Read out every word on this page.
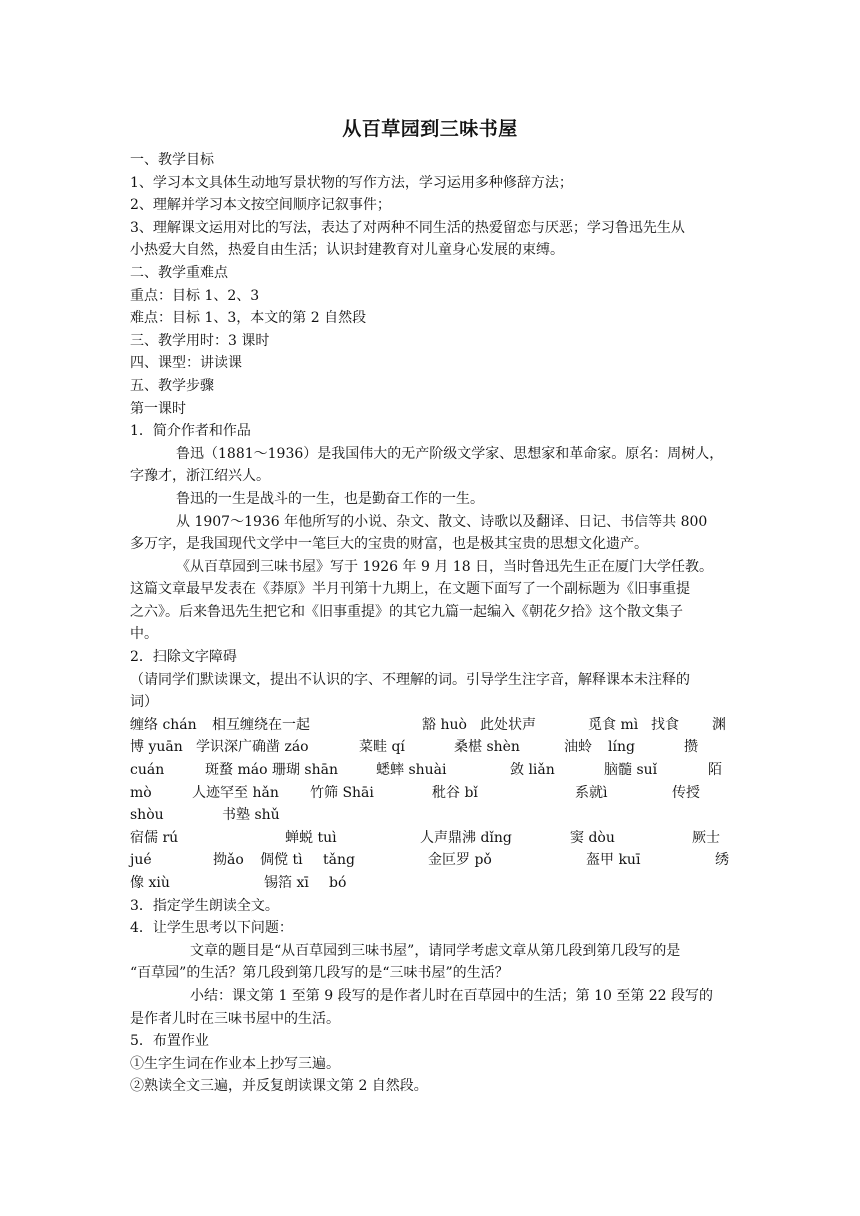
从百草园到三味书屋
一、教学目标
1、学习本文具体生动地写景状物的写作方法，学习运用多种修辞方法；
2、理解并学习本文按空间顺序记叙事件；
3、理解课文运用对比的写法，表达了对两种不同生活的热爱留恋与厌恶；学习鲁迅先生从
小热爱大自然，热爱自由生活；认识封建教育对儿童身心发展的束缚。
二、教学重难点
重点：目标 1、2、3
难点：目标 1、3，本文的第 2 自然段
三、教学用时：3 课时
四、课型：讲读课
五、教学步骤
第一课时
1．简介作者和作品
鲁迅（1881～1936）是我国伟大的无产阶级文学家、思想家和革命家。原名：周树人，
字豫才，浙江绍兴人。
鲁迅的一生是战斗的一生，也是勤奋工作的一生。
从 1907～1936 年他所写的小说、杂文、散文、诗歌以及翻译、日记、书信等共 800
多万字，是我国现代文学中一笔巨大的宝贵的财富，也是极其宝贵的思想文化遗产。
《从百草园到三味书屋》写于 1926 年 9 月 18 日，当时鲁迅先生正在厦门大学任教。
这篇文章最早发表在《莽原》半月刊第十九期上，在文题下面写了一个副标题为《旧事重提
之六》。后来鲁迅先生把它和《旧事重提》的其它九篇一起编入《朝花夕拾》这个散文集子
中。
2．扫除文字障碍
（请同学们默读课文，提出不认识的字、不理解的词。引导学生注字音，解释课本未注释的
词）
缠络 chán 相互缠绕在一起	豁 huò 此处状声	觅食 mì 找食 渊
博 yuān 学识深广确凿 záo	菜畦 qí	桑椹 shèn	油蛉 líng	攒
cuán	斑蝥 máo 珊瑚 shān	蟋蟀 shuài	敛 liǎn	脑髓 suǐ	陌
mò	人迹罕至 hǎn 竹筛 Shāi	秕谷 bǐ	系就ì	传授
shòu	书塾 shǔ
宿儒 rú	蝉蜕 tuì	人声鼎沸 dǐng	窦 dòu	厥士
jué	拗ǎo 倜傥 tì tǎng	金叵罗 pǒ	盔甲 kuī	绣
像 xiù	锡箔 xī bó
3．指定学生朗读全文。
4．让学生思考以下问题：
文章的题目是“从百草园到三味书屋”，请同学考虑文章从第几段到第几段写的是
“百草园”的生活？第几段到第几段写的是“三味书屋”的生活？
小结：课文第 1 至第 9 段写的是作者儿时在百草园中的生活；第 10 至第 22 段写的
是作者儿时在三味书屋中的生活。
5．布置作业
①生字生词在作业本上抄写三遍。
②熟读全文三遍，并反复朗读课文第 2 自然段。
